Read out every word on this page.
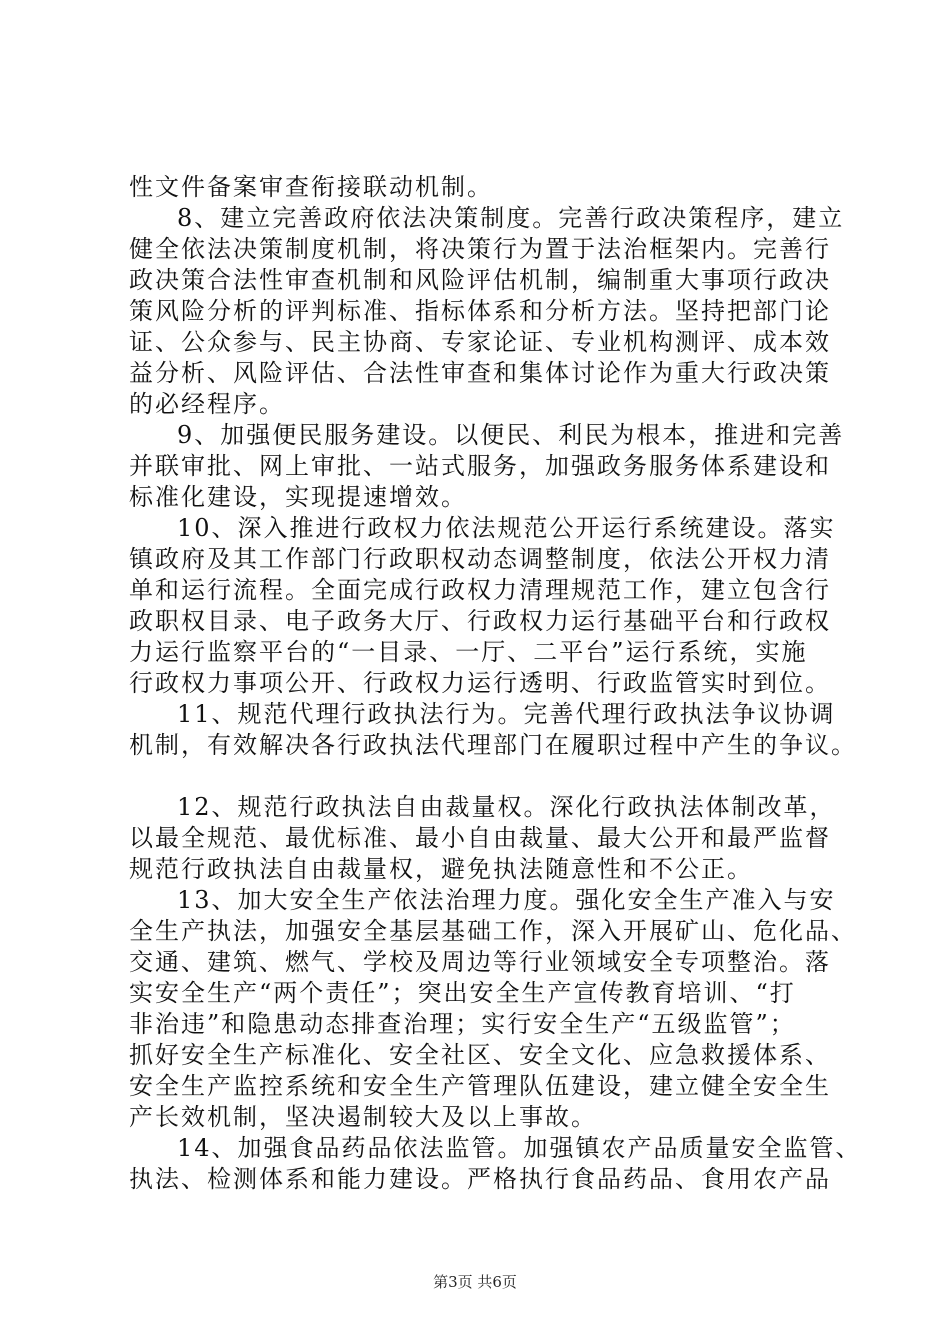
性文件备案审查衔接联动机制。
8、建立完善政府依法决策制度。完善行政决策程序，建立
健全依法决策制度机制，将决策行为置于法治框架内。完善行
政决策合法性审查机制和风险评估机制，编制重大事项行政决
策风险分析的评判标准、指标体系和分析方法。坚持把部门论
证、公众参与、民主协商、专家论证、专业机构测评、成本效
益分析、风险评估、合法性审查和集体讨论作为重大行政决策
的必经程序。
9、加强便民服务建设。以便民、利民为根本，推进和完善
并联审批、网上审批、一站式服务，加强政务服务体系建设和
标准化建设，实现提速增效。
10、深入推进行政权力依法规范公开运行系统建设。落实
镇政府及其工作部门行政职权动态调整制度，依法公开权力清
单和运行流程。全面完成行政权力清理规范工作，建立包含行
政职权目录、电子政务大厅、行政权力运行基础平台和行政权
力运行监察平台的“一目录、一厅、二平台”运行系统，实施
行政权力事项公开、行政权力运行透明、行政监管实时到位。
11、规范代理行政执法行为。完善代理行政执法争议协调
机制，有效解决各行政执法代理部门在履职过程中产生的争议。
12、规范行政执法自由裁量权。深化行政执法体制改革，
以最全规范、最优标准、最小自由裁量、最大公开和最严监督
规范行政执法自由裁量权，避免执法随意性和不公正。
13、加大安全生产依法治理力度。强化安全生产准入与安
全生产执法，加强安全基层基础工作，深入开展矿山、危化品、
交通、建筑、燃气、学校及周边等行业领域安全专项整治。落
实安全生产“两个责任”；突出安全生产宣传教育培训、“打
非治违”和隐患动态排查治理；实行安全生产“五级监管”；
抓好安全生产标准化、安全社区、安全文化、应急救援体系、
安全生产监控系统和安全生产管理队伍建设，建立健全安全生
产长效机制，坚决遏制较大及以上事故。
14、加强食品药品依法监管。加强镇农产品质量安全监管、
执法、检测体系和能力建设。严格执行食品药品、食用农产品
第3页 共6页
